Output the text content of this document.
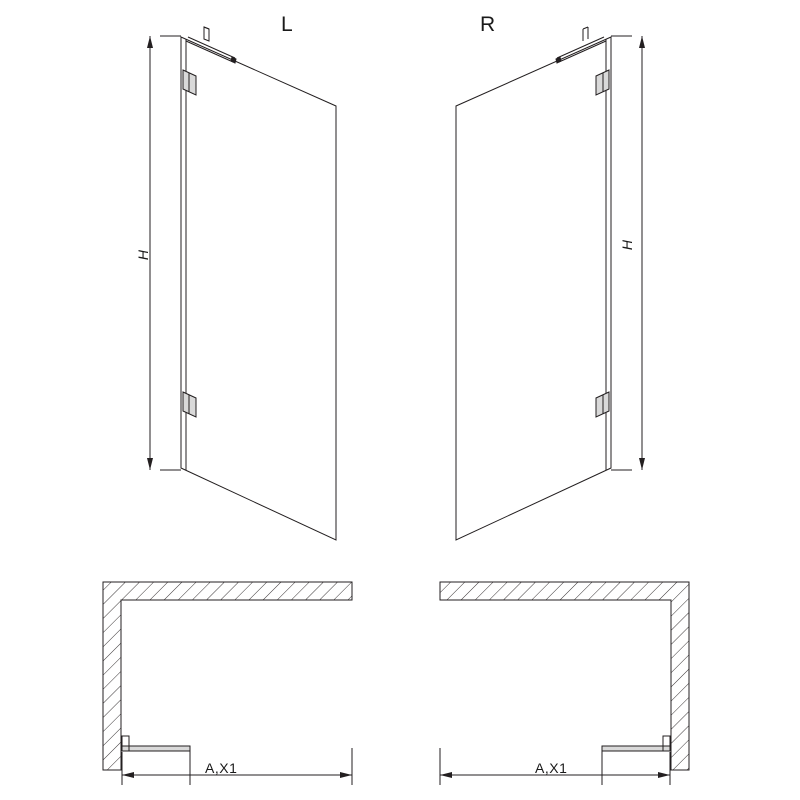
L	R
H
H
A,X1	A,X1
